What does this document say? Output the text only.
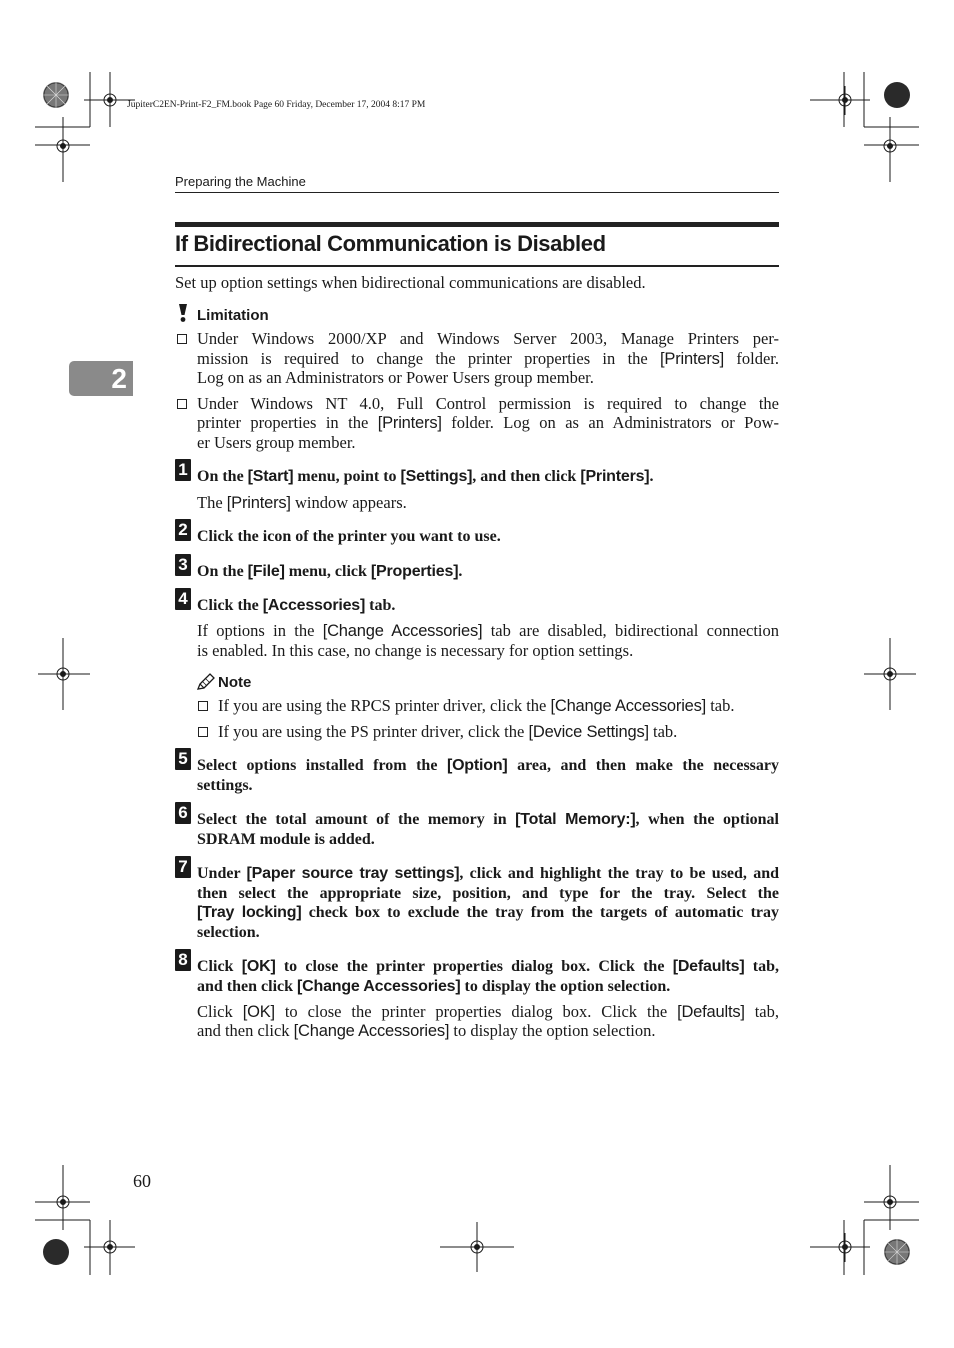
JupiterC2EN-Print-F2_FM.book Page 60 Friday, December 17, 2004 8:17 PM
Preparing the Machine
If Bidirectional Communication is Disabled
2
Set up option settings when bidirectional communications are disabled.
Limitation
Note
60
Under Windows 2000/XP and Windows Server 2003, Manage Printers per-
mission is required to change the printer properties in the [Printers] folder.
Log on as an Administrators or Power Users group member.
Under Windows NT 4.0, Full Control permission is required to change the
printer properties in the [Printers] folder. Log on as an Administrators or Pow-
er Users group member.
1 On the [Start] menu, point to [Settings], and then click [Printers].
The [Printers] window appears.
2 Click the icon of the printer you want to use.
3 On the [File] menu, click [Properties].
4 Click the [Accessories] tab.
If options in the [Change Accessories] tab are disabled, bidirectional connection
is enabled. In this case, no change is necessary for option settings.
5 Select options installed from the [Option] area, and then make the necessary
settings.
6 Select the total amount of the memory in [Total Memory:], when the optional
SDRAM module is added.
7 Under [Paper source tray settings], click and highlight the tray to be used, and
then select the appropriate size, position, and type for the tray. Select the
[Tray locking] check box to exclude the tray from the targets of automatic tray
selection.
8 Click [OK] to close the printer properties dialog box. Click the [Defaults] tab,
and then click [Change Accessories] to display the option selection.
Click [OK] to close the printer properties dialog box. Click the [Defaults] tab,
and then click [Change Accessories] to display the option selection.
If you are using the RPCS printer driver, click the [Change Accessories] tab.
If you are using the PS printer driver, click the [Device Settings] tab.
